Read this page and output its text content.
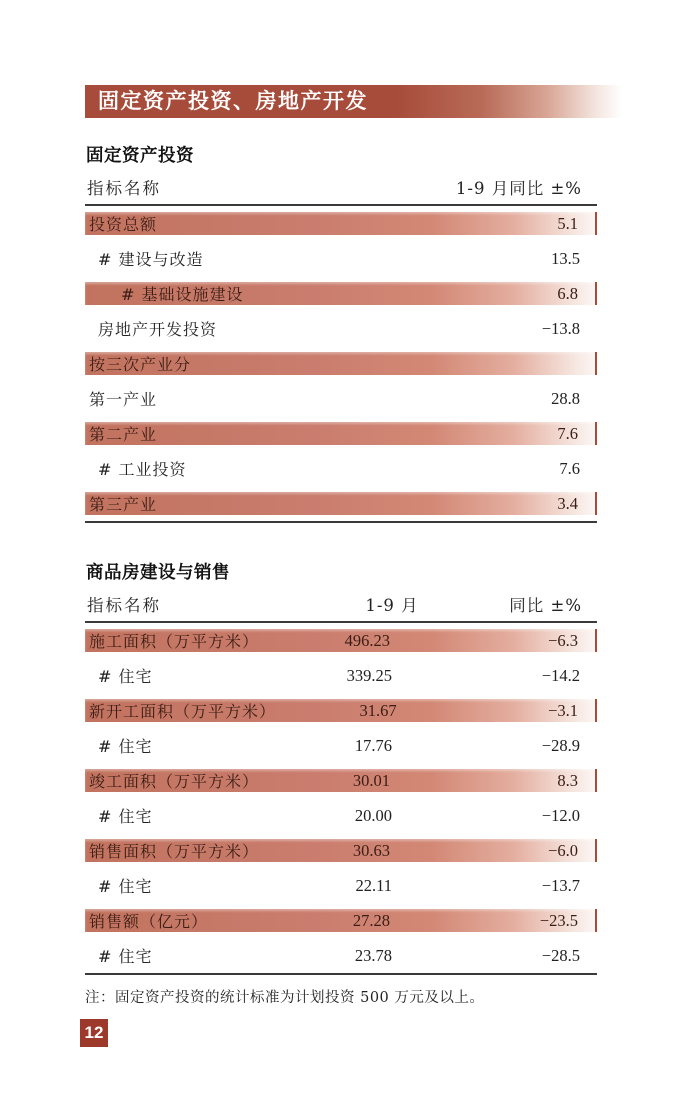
固定资产投资、房地产开发
固定资产投资
指标名称	1-9 月同比 ±%
投资总额	5.1
# 建设与改造	13.5
# 基础设施建设	6.8
房地产开发投资	−13.8
按三次产业分
第一产业	28.8
第二产业	7.6
# 工业投资	7.6
第三产业	3.4
商品房建设与销售
指标名称	1-9 月	同比 ±%
施工面积（万平方米）	496.23	−6.3
# 住宅	339.25	−14.2
新开工面积（万平方米）	31.67	−3.1
# 住宅	17.76	−28.9
竣工面积（万平方米）	30.01	8.3
# 住宅	20.00	−12.0
销售面积（万平方米）	30.63	−6.0
# 住宅	22.11	−13.7
销售额（亿元）	27.28	−23.5
# 住宅	23.78	−28.5
注：固定资产投资的统计标准为计划投资 500 万元及以上。
12
